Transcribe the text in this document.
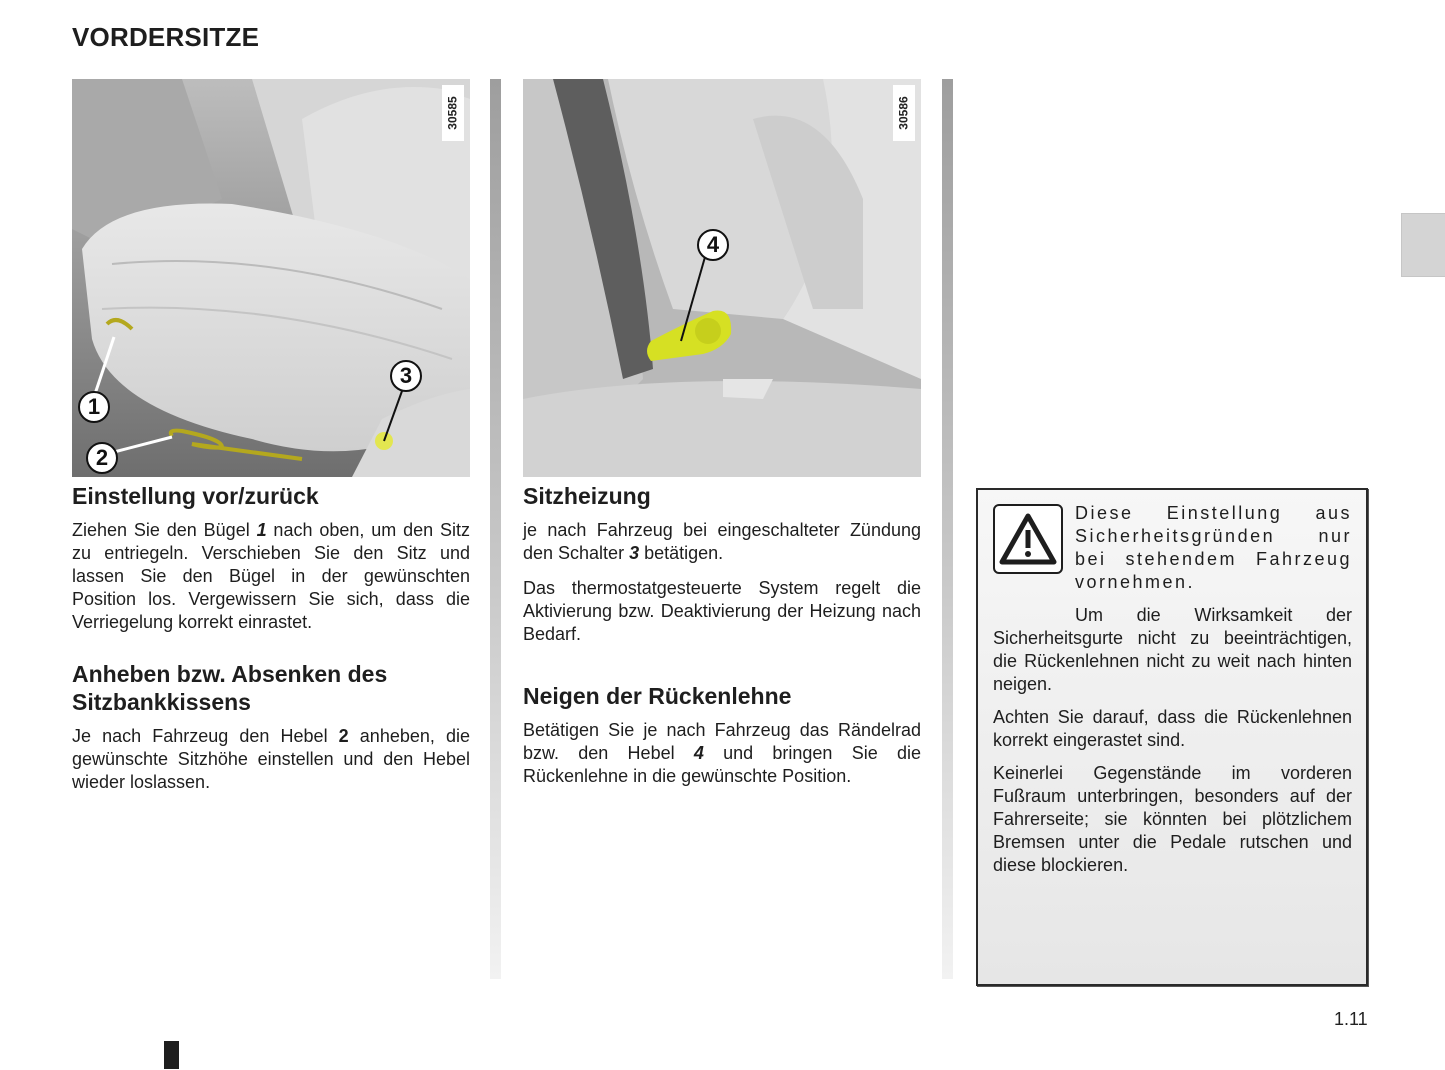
VORDERSITZE
30585
1
2
3
Einstellung vor/zurück

Ziehen Sie den Bügel 1 nach oben, um den Sitz zu entriegeln. Verschieben Sie den Sitz und lassen Sie den Bügel in der gewünschten Position los. Vergewissern Sie sich, dass die Verriegelung korrekt einrastet.

Anheben bzw. Absenken des Sitzbankkissens

Je nach Fahrzeug den Hebel 2 anheben, die gewünschte Sitzhöhe einstellen und den Hebel wieder loslassen.

30586
4
Sitzheizung

je nach Fahrzeug bei eingeschalteter Zündung den Schalter 3 betätigen.

Das thermostatgesteuerte System regelt die Aktivierung bzw. Deaktivierung der Heizung nach Bedarf.

Neigen der Rückenlehne

Betätigen Sie je nach Fahrzeug das Rändelrad bzw. den Hebel 4 und bringen Sie die Rückenlehne in die gewünschte Position.

Diese Einstellung aus Sicherheitsgründen nur bei stehendem Fahrzeug vornehmen.

Um die Wirksamkeit der Sicherheitsgurte nicht zu beeinträchtigen, die Rückenlehnen nicht zu weit nach hinten neigen.

Achten Sie darauf, dass die Rückenlehnen korrekt eingerastet sind.

Keinerlei Gegenstände im vorderen Fußraum unterbringen, besonders auf der Fahrerseite; sie könnten bei plötzlichem Bremsen unter die Pedale rutschen und diese blockieren.

1.11
